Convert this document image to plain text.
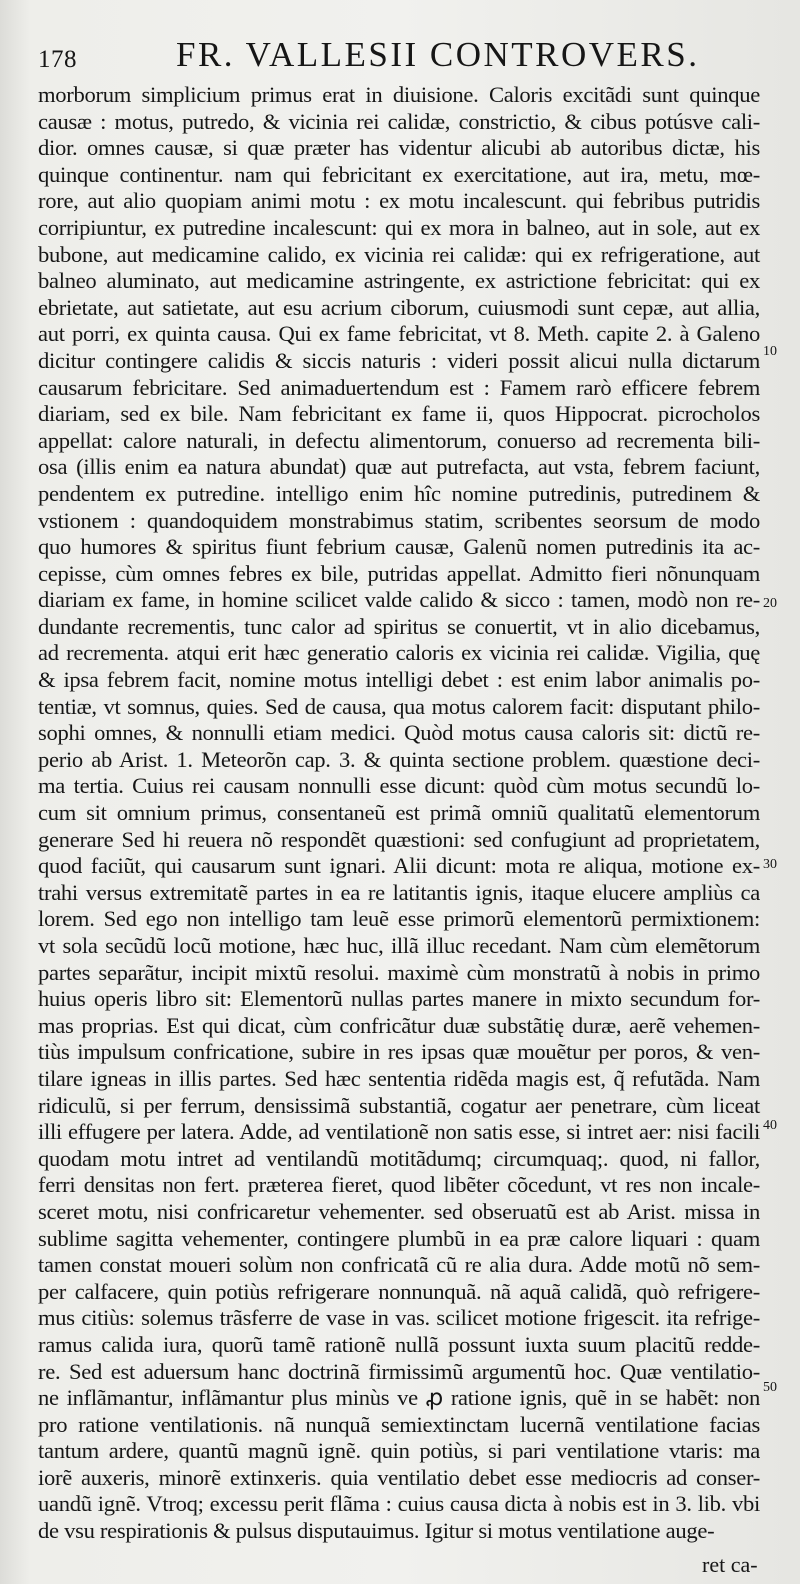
178	FR. VALLESII CONTROVERS.
morborum simplicium primus erat in diuisione. Caloris excitãdi sunt quinque
causæ : motus, putredo, & vicinia rei calidæ, constrictio, & cibus potúsve cali-
dior. omnes causæ, si quæ præter has videntur alicubi ab autoribus dictæ, his
quinque continentur. nam qui febricitant ex exercitatione, aut ira, metu, mœ-
rore, aut alio quopiam animi motu : ex motu incalescunt. qui febribus putridis
corripiuntur, ex putredine incalescunt: qui ex mora in balneo, aut in sole, aut ex
bubone, aut medicamine calido, ex vicinia rei calidæ: qui ex refrigeratione, aut
balneo aluminato, aut medicamine astringente, ex astrictione febricitat: qui ex
ebrietate, aut satietate, aut esu acrium ciborum, cuiusmodi sunt cepæ, aut allia,
aut porri, ex quinta causa. Qui ex fame febricitat, vt 8. Meth. capite 2. à Galeno
dicitur contingere calidis & siccis naturis : videri possit alicui nulla dictarum
causarum febricitare. Sed animaduertendum est : Famem rarò efficere febrem
diariam, sed ex bile. Nam febricitant ex fame ii, quos Hippocrat. picrocholos
appellat: calore naturali, in defectu alimentorum, conuerso ad recrementa bili-
osa (illis enim ea natura abundat) quæ aut putrefacta, aut vsta, febrem faciunt,
pendentem ex putredine. intelligo enim hîc nomine putredinis, putredinem &
vstionem : quandoquidem monstrabimus statim, scribentes seorsum de modo
quo humores & spiritus fiunt febrium causæ, Galenũ nomen putredinis ita ac-
cepisse, cùm omnes febres ex bile, putridas appellat. Admitto fieri nõnunquam
diariam ex fame, in homine scilicet valde calido & sicco : tamen, modò non re-
dundante recrementis, tunc calor ad spiritus se conuertit, vt in alio dicebamus,
ad recrementa. atqui erit hæc generatio caloris ex vicinia rei calidæ. Vigilia, quę
& ipsa febrem facit, nomine motus intelligi debet : est enim labor animalis po-
tentiæ, vt somnus, quies. Sed de causa, qua motus calorem facit: disputant philo-
sophi omnes, & nonnulli etiam medici. Quòd motus causa caloris sit: dictũ re-
perio ab Arist. 1. Meteorõn cap. 3. & quinta sectione problem. quæstione deci-
ma tertia. Cuius rei causam nonnulli esse dicunt: quòd cùm motus secundũ lo-
cum sit omnium primus, consentaneũ est primã omniũ qualitatũ elementorum
generare Sed hi reuera nõ respondẽt quæstioni: sed confugiunt ad proprietatem,
quod faciũt, qui causarum sunt ignari. Alii dicunt: mota re aliqua, motione ex-
trahi versus extremitatẽ partes in ea re latitantis ignis, itaque elucere ampliùs ca
lorem. Sed ego non intelligo tam leuẽ esse primorũ elementorũ permixtionem:
vt sola secũdũ locũ motione, hæc huc, illã illuc recedant. Nam cùm elemẽtorum
partes separãtur, incipit mixtũ resolui. maximè cùm monstratũ à nobis in primo
huius operis libro sit: Elementorũ nullas partes manere in mixto secundum for-
mas proprias. Est qui dicat, cùm confricãtur duæ substãtię duræ, aerẽ vehemen-
tiùs impulsum confricatione, subire in res ipsas quæ mouẽtur per poros, & ven-
tilare igneas in illis partes. Sed hæc sententia ridẽda magis est, q̃ refutãda. Nam
ridiculũ, si per ferrum, densissimã substantiã, cogatur aer penetrare, cùm liceat
illi effugere per latera. Adde, ad ventilationẽ non satis esse, si intret aer: nisi facili
quodam motu intret ad ventilandũ motitãdumq; circumquaq;. quod, ni fallor,
ferri densitas non fert. præterea fieret, quod libẽter cõcedunt, vt res non incale-
sceret motu, nisi confricaretur vehementer. sed obseruatũ est ab Arist. missa in
sublime sagitta vehementer, contingere plumbũ in ea præ calore liquari : quam
tamen constat moueri solùm non confricatã cũ re alia dura. Adde motũ nõ sem-
per calfacere, quin potiùs refrigerare nonnunquã. nã aquã calidã, quò refrigere-
mus citiùs: solemus trãsferre de vase in vas. scilicet motione frigescit. ita refrige-
ramus calida iura, quorũ tamẽ rationẽ nullã possunt iuxta suum placitũ redde-
re. Sed est aduersum hanc doctrinã firmissimũ argumentũ hoc. Quæ ventilatio-
ne inflãmantur, inflãmantur plus minùs ve ꝓ ratione ignis, quẽ in se habẽt: non
pro ratione ventilationis. nã nunquã semiextinctam lucernã ventilatione facias
tantum ardere, quantũ magnũ ignẽ. quin potiùs, si pari ventilatione vtaris: ma
iorẽ auxeris, minorẽ extinxeris. quia ventilatio debet esse mediocris ad conser-
uandũ ignẽ. Vtroq; excessu perit flãma : cuius causa dicta à nobis est in 3. lib. vbi
de vsu respirationis & pulsus disputauimus. Igitur si motus ventilatione auge-
10
20
30
40
50
ret ca-
